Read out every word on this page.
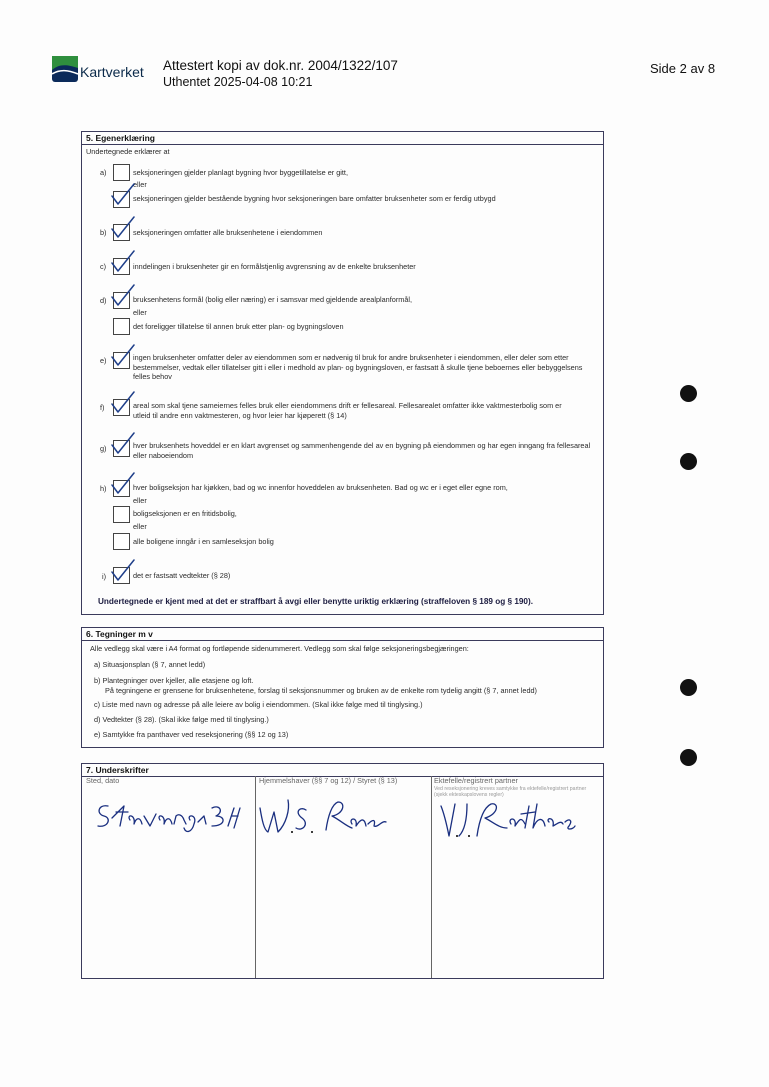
Kartverket Attestert kopi av dok.nr. 2004/1322/107
Uthentet 2025-04-08 10:21
Side 2 av 8
5. Egenerklæring
Undertegnede erklærer at
a)	seksjoneringen gjelder planlagt bygning hvor byggetillatelse er gitt,
eller
seksjoneringen gjelder bestående bygning hvor seksjoneringen bare omfatter bruksenheter som er ferdig utbygd
b)	seksjoneringen omfatter alle bruksenhetene i eiendommen
c)	inndelingen i bruksenheter gir en formålstjenlig avgrensning av de enkelte bruksenheter
d)	bruksenhetens formål (bolig eller næring) er i samsvar med gjeldende arealplanformål,
eller
det foreligger tillatelse til annen bruk etter plan- og bygningsloven
e)	ingen bruksenheter omfatter deler av eiendommen som er nødvenig til bruk for andre bruksenheter i eiendommen, eller deler som etter bestemmelser, vedtak eller tillatelser gitt i eller i medhold av plan- og bygningsloven, er fastsatt å skulle tjene beboernes eller bebyggelsens felles behov
f)	areal som skal tjene sameiernes felles bruk eller eiendommens drift er fellesareal. Fellesarealet omfatter ikke vaktmesterbolig som er utleid til andre enn vaktmesteren, og hvor leier har kjøperett (§ 14)
g)	hver bruksenhets hoveddel er en klart avgrenset og sammenhengende del av en bygning på eiendommen og har egen inngang fra fellesareal eller naboeiendom
h)	hver boligseksjon har kjøkken, bad og wc innenfor hoveddelen av bruksenheten. Bad og wc er i eget eller egne rom,
eller
boligseksjonen er en fritidsbolig,
eller
alle boligene inngår i en samleseksjon bolig
i)	det er fastsatt vedtekter (§ 28)
Undertegnede er kjent med at det er straffbart å avgi eller benytte uriktig erklæring (straffeloven § 189 og § 190).
6. Tegninger m v
Alle vedlegg skal være i A4 format og fortløpende sidenummerert. Vedlegg som skal følge seksjoneringsbegjæringen:
a) Situasjonsplan (§ 7, annet ledd)
b) Plantegninger over kjeller, alle etasjene og loft.
På tegningene er grensene for bruksenhetene, forslag til seksjonsnummer og bruken av de enkelte rom tydelig angitt (§ 7, annet ledd)
c) Liste med navn og adresse på alle leiere av bolig i eiendommen. (Skal ikke følge med til tinglysing.)
d) Vedtekter (§ 28). (Skal ikke følge med til tinglysing.)
e) Samtykke fra panthaver ved reseksjonering (§§ 12 og 13)
7. Underskrifter
Sted, dato	Hjemmelshaver (§§ 7 og 12) / Styret (§ 13)	Ektefelle/registrert partner
Ved reseksjonering kreves samtykke fra ektefelle/registrert partner (sjekk ekteskapslovens regler)
